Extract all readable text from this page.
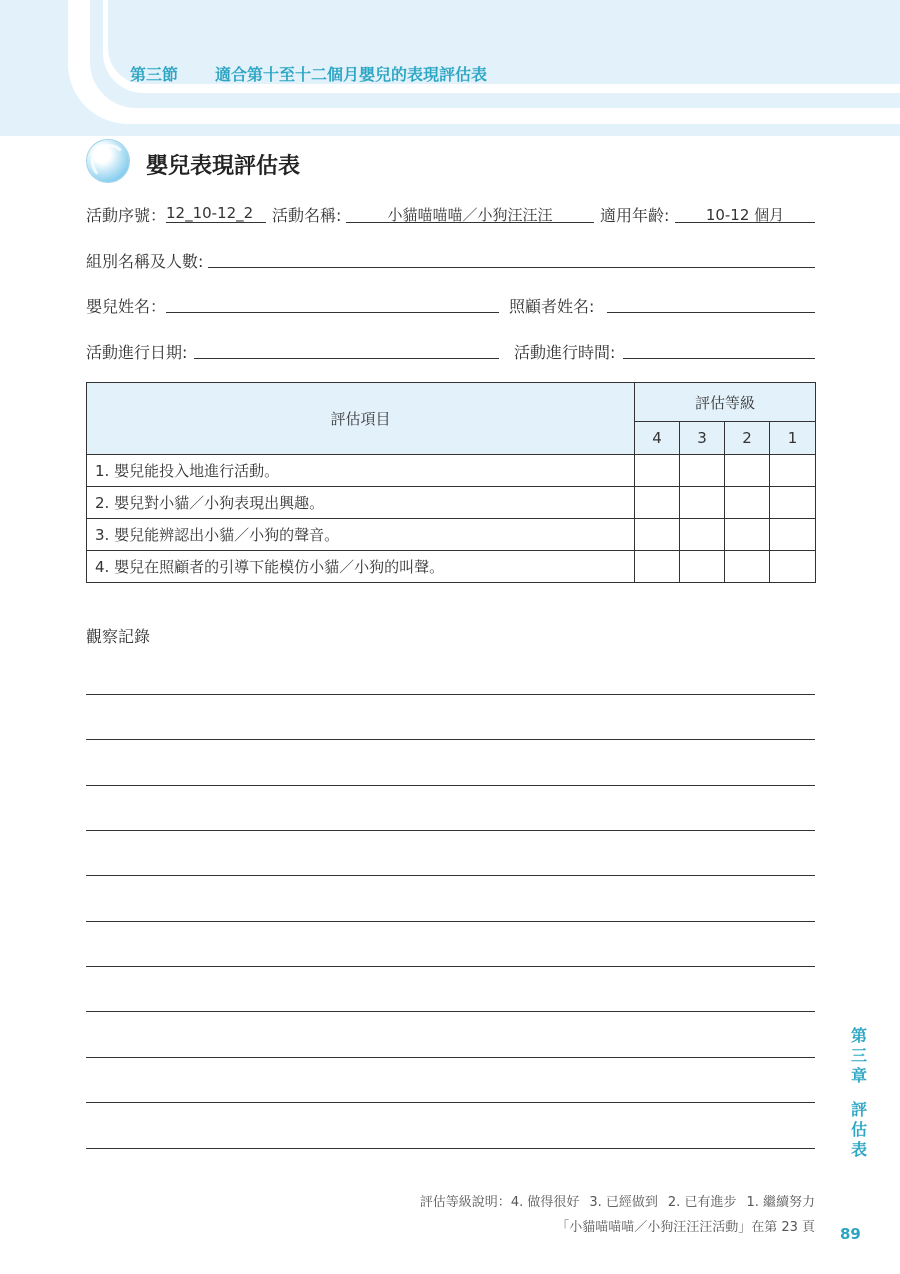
第三節 適合第十至十二個月嬰兒的表現評估表
嬰兒表現評估表
活動序號： 12_10-12_2	活動名稱:	小貓喵喵喵／小狗汪汪汪	適用年齡:	10-12 個月
組別名稱及人數:
嬰兒姓名：	照顧者姓名:
活動進行日期:	活動進行時間:
評估項目	評估等級			
	4	3	2	1
1. 嬰兒能投入地進行活動。				
2. 嬰兒對小貓／小狗表現出興趣。				
3. 嬰兒能辨認出小貓／小狗的聲音。				
4. 嬰兒在照顧者的引導下能模仿小貓／小狗的叫聲。				
觀察記錄
第
三
章
評
估
表
評估等級說明：4. 做得很好 3. 已經做到 2. 已有進步 1. 繼續努力
「小貓喵喵喵／小狗汪汪汪活動」在第 23 頁 89
